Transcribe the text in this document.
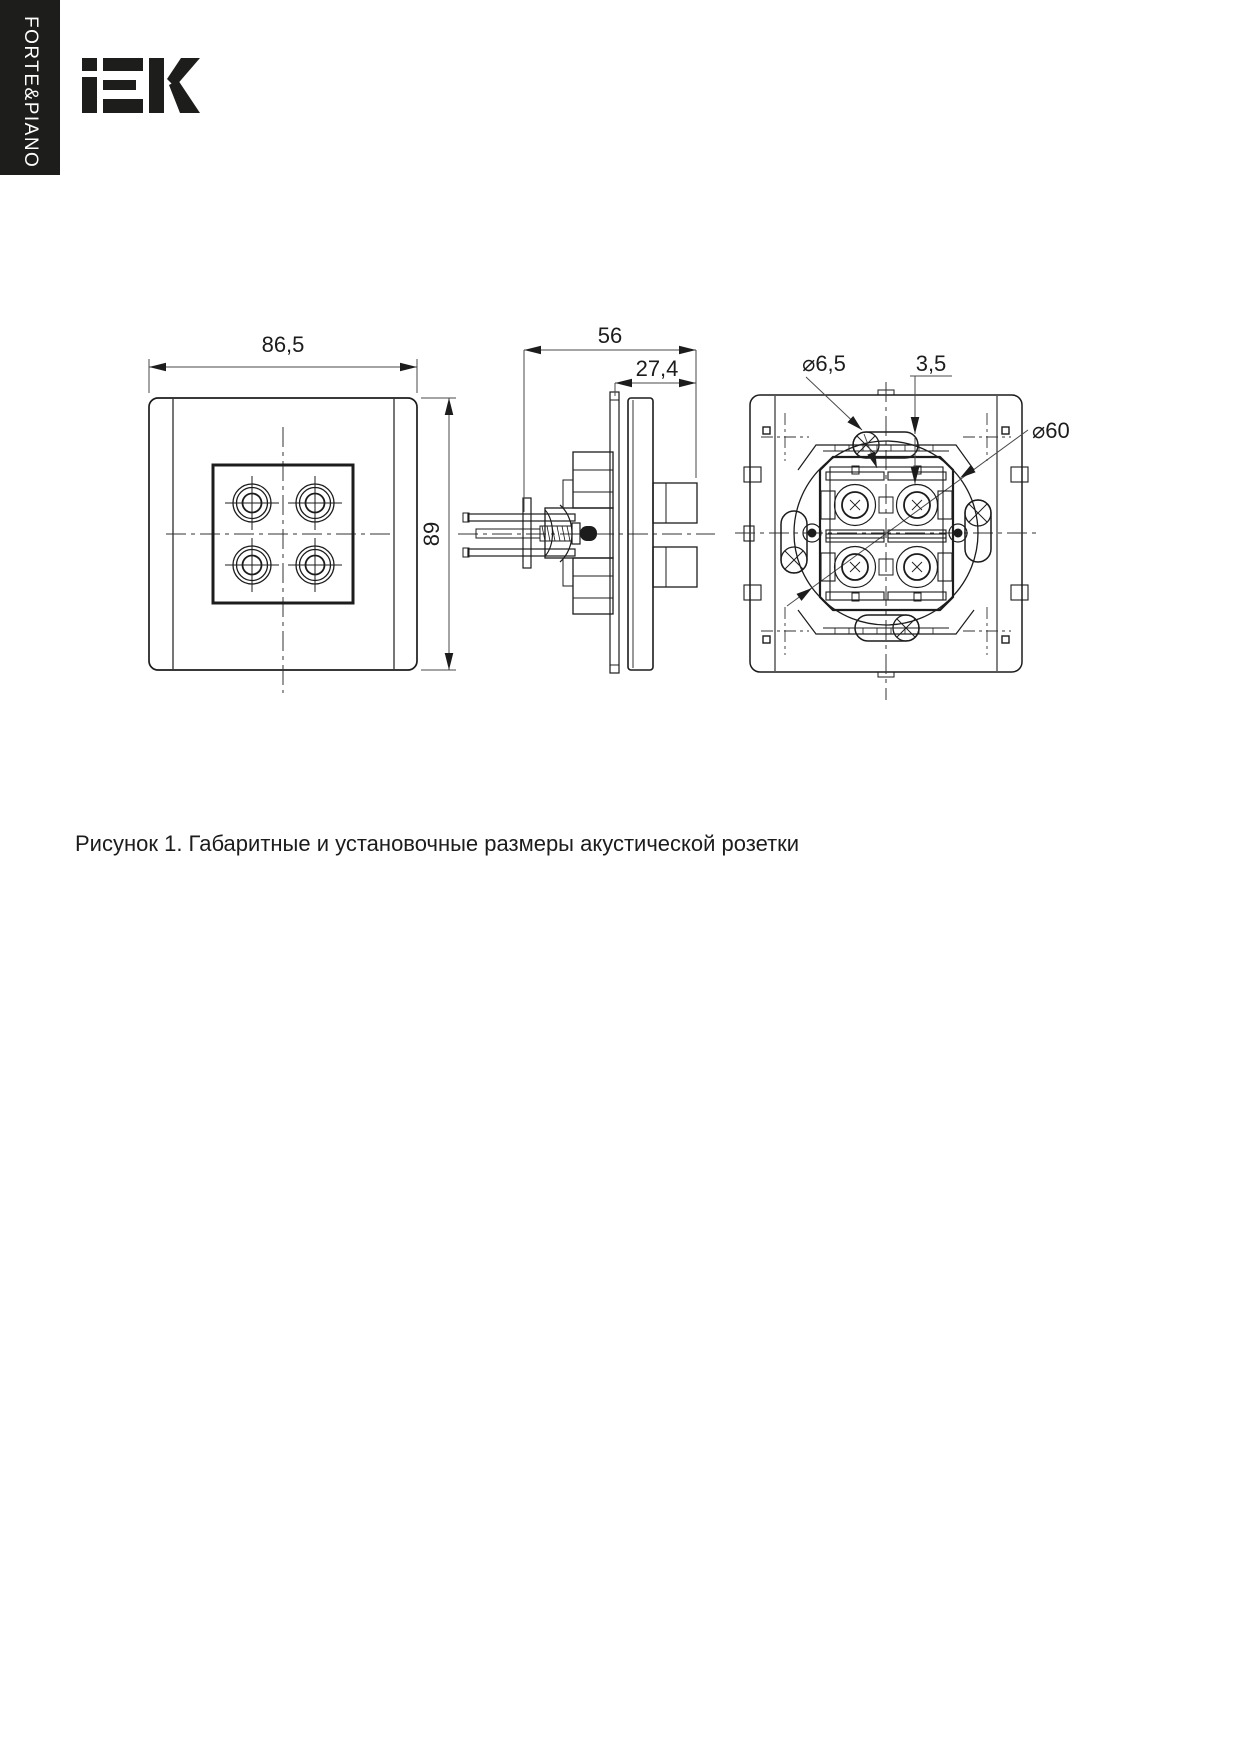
FORTE&PIANO
86,5
89
56
27,4	⌀6,5	3,5
⌀60
Рисунок 1. Габаритные и установочные размеры акустической розетки
